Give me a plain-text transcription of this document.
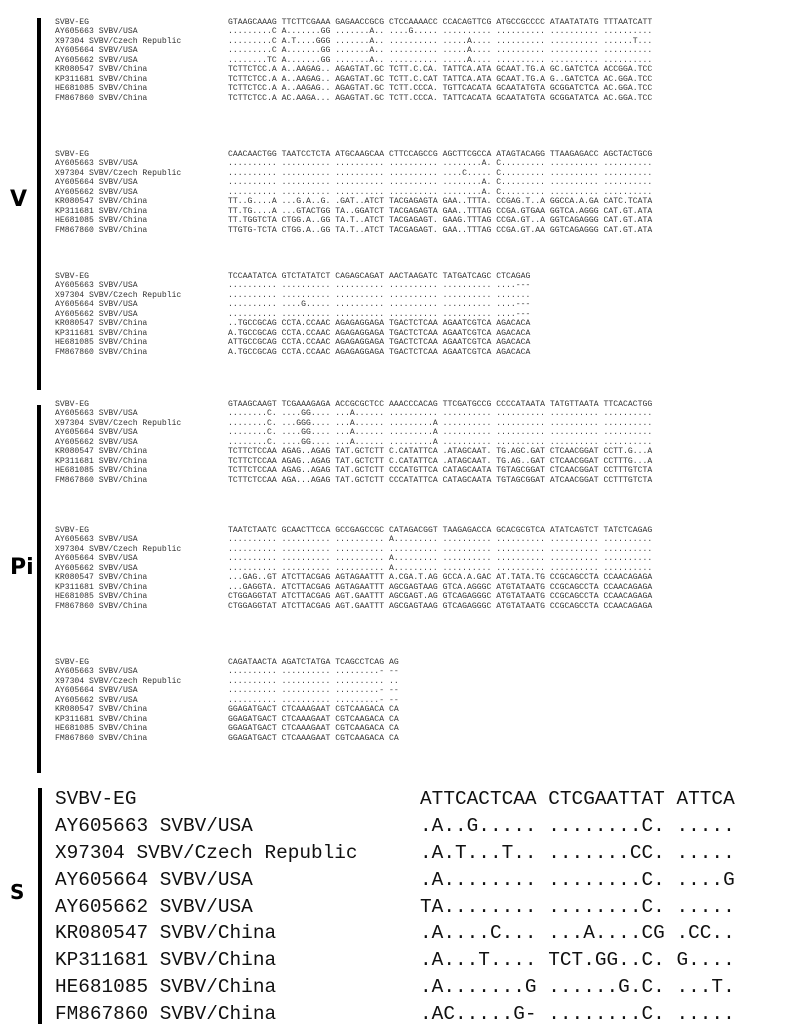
V
SVBV-EG	GTAAGCAAAG TTCTTCGAAA GAGAACCGCG CTCCAAAACC CCACAGTTCG ATGCCGCCCC ATAATATATG TTTAATCATT
AY605663 SVBV/USA	.........C A.......GG .......A.. ....G..... .......... .......... .......... ..........
X97304 SVBV/Czech Republic	.........C A.T....GGG .......A.. .......... .....A.... .......... .......... ......T...
AY605664 SVBV/USA	.........C A.......GG .......A.. .......... .....A.... .......... .......... ..........
AY605662 SVBV/USA	........TC A.......GG .......A.. .......... .....A.... .......... .......... ..........
KR080547 SVBV/China	TCTTCTCC.A A..AAGAG.. AGAGTAT.GC TCTT.C.CA. TATTCA.ATA GCAAT.TG.A GC.GATCTCA ACCGGA.TCC
KP311681 SVBV/China	TCTTCTCC.A A..AAGAG.. AGAGTAT.GC TCTT.C.CAT TATTCA.ATA GCAAT.TG.A G..GATCTCA AC.GGA.TCC
HE681085 SVBV/China	TCTTCTCC.A A..AAGAG.. AGAGTAT.GC TCTT.CCCA. TGTTCACATA GCAATATGTA GCGGATCTCA AC.GGA.TCC
FM867860 SVBV/China	TCTTCTCC.A AC.AAGA... AGAGTAT.GC TCTT.CCCA. TATTCACATA GCAATATGTA GCGGATATCA AC.GGA.TCC
SVBV-EG	CAACAACTGG TAATCCTCTA ATGCAAGCAA CTTCCAGCCG AGCTTCGCCA ATAGTACAGG TTAAGAGACC AGCTACTGCG
AY605663 SVBV/USA	.......... .......... .......... .......... ........A. C......... .......... ..........
X97304 SVBV/Czech Republic	.......... .......... .......... .......... ....C..... C......... .......... ..........
AY605664 SVBV/USA	.......... .......... .......... .......... ........A. C......... .......... ..........
AY605662 SVBV/USA	.......... .......... .......... .......... ........A. C......... .......... ..........
KR080547 SVBV/China	TT..G....A ...G.A..G. .GAT..ATCT TACGAGAGTA GAA..TTTA. CCGAG.T..A GGCCA.A.GA CATC.TCATA
KP311681 SVBV/China	TT.TG....A ...GTACTGG TA..GGATCT TACGAGAGTA GAA..TTTAG CCGA.GTGAA GGTCA.AGGG CAT.GT.ATA
HE681085 SVBV/China	TT.TGGTCTA CTGG.A..GG TA.T..ATCT TACGAGAGT. GAAG.TTTAG CCGA.GT..A GGTCAGAGGG CAT.GT.ATA
FM867860 SVBV/China	TTGTG-TCTA CTGG.A..GG TA.T..ATCT TACGAGAGT. GAA..TTTAG CCGA.GT.AA GGTCAGAGGG CAT.GT.ATA
SVBV-EG	TCCAATATCA GTCTATATCT CAGAGCAGAT AACTAAGATC TATGATCAGC CTCAGAG
AY605663 SVBV/USA	.......... .......... .......... .......... .......... ....---
X97304 SVBV/Czech Republic	.......... .......... .......... .......... .......... .......
AY605664 SVBV/USA	.......... ....G..... .......... .......... .......... ....---
AY605662 SVBV/USA	.......... .......... .......... .......... .......... ....---
KR080547 SVBV/China	..TGCCGCAG CCTA.CCAAC AGAGAGGAGA TGACTCTCAA AGAATCGTCA AGACACA
KP311681 SVBV/China	A.TGCCGCAG CCTA.CCAAC AGAGAGGAGA TGACTCTCAA AGAATCGTCA AGACACA
HE681085 SVBV/China	ATTGCCGCAG CCTA.CCAAC AGAGAGGAGA TGACTCTCAA AGAATCGTCA AGACACA
FM867860 SVBV/China	A.TGCCGCAG CCTA.CCAAC AGAGAGGAGA TGACTCTCAA AGAATCGTCA AGACACA
Pi
SVBV-EG	GTAAGCAAGT TCGAAAGAGA ACCGCGCTCC AAACCCACAG TTCGATGCCG CCCCATAATA TATGTTAATA TTCACACTGG
AY605663 SVBV/USA	........C. ....GG.... ...A...... .......... .......... .......... .......... ..........
X97304 SVBV/Czech Republic	........C. ...GGG.... ...A...... .........A .......... .......... .......... ..........
AY605664 SVBV/USA	........C. ....GG.... ...A...... .........A .......... .......... .......... ..........
AY605662 SVBV/USA	........C. ....GG.... ...A...... .........A .......... .......... .......... ..........
KR080547 SVBV/China	TCTTCTCCAA AGAG..AGAG TAT.GCTCTT C.CATATTCA .ATAGCAAT. TG.AGC.GAT CTCAACGGAT CCTT.G...A
KP311681 SVBV/China	TCTTCTCCAA AGAG..AGAG TAT.GCTCTT C.CATATTCA .ATAGCAAT. TG.AG..GAT CTCAACGGAT CCTTTG...A
HE681085 SVBV/China	TCTTCTCCAA AGAG..AGAG TAT.GCTCTT CCCATGTTCA CATAGCAATA TGTAGCGGAT CTCAACGGAT CCTTTGTCTA
FM867860 SVBV/China	TCTTCTCCAA AGA...AGAG TAT.GCTCTT CCCATATTCA CATAGCAATA TGTAGCGGAT ATCAACGGAT CCTTTGTCTA
SVBV-EG	TAATCTAATC GCAACTTCCA GCCGAGCCGC CATAGACGGT TAAGAGACCA GCACGCGTCA ATATCAGTCT TATCTCAGAG
AY605663 SVBV/USA	.......... .......... .......... A......... .......... .......... .......... ..........
X97304 SVBV/Czech Republic	.......... .......... .......... .......... .......... .......... .......... ..........
AY605664 SVBV/USA	.......... .......... .......... A......... .......... .......... .......... ..........
AY605662 SVBV/USA	.......... .......... .......... A......... .......... .......... .......... ..........
KR080547 SVBV/China	...GAG..GT ATCTTACGAG AGTAGAATTT A.CGA.T.AG GCCA.A.GAC AT.TATA.TG CCGCAGCCTA CCAACAGAGA
KP311681 SVBV/China	...GAGGTA. ATCTTACGAG AGTAGAATTT AGCGAGTAAG GTCA.AGGGC ATGTATAATG CCGCAGCCTA CCAACAGAGA
HE681085 SVBV/China	CTGGAGGTAT ATCTTACGAG AGT.GAATTT AGCGAGT.AG GTCAGAGGGC ATGTATAATG CCGCAGCCTA CCAACAGAGA
FM867860 SVBV/China	CTGGAGGTAT ATCTTACGAG AGT.GAATTT AGCGAGTAAG GTCAGAGGGC ATGTATAATG CCGCAGCCTA CCAACAGAGA
SVBV-EG	CAGATAACTA AGATCTATGA TCAGCCTCAG AG
AY605663 SVBV/USA	.......... .......... .........- --
X97304 SVBV/Czech Republic	.......... .......... .......... ..
AY605664 SVBV/USA	.......... .......... .........- --
AY605662 SVBV/USA	.......... .......... .........- --
KR080547 SVBV/China	GGAGATGACT CTCAAAGAAT CGTCAAGACA CA
KP311681 SVBV/China	GGAGATGACT CTCAAAGAAT CGTCAAGACA CA
HE681085 SVBV/China	GGAGATGACT CTCAAAGAAT CGTCAAGACA CA
FM867860 SVBV/China	GGAGATGACT CTCAAAGAAT CGTCAAGACA CA
S
SVBV-EG	ATTCACTCAA CTCGAATTAT ATTCA
AY605663 SVBV/USA	.A..G..... ........C. .....
X97304 SVBV/Czech Republic	.A.T...T.. .......CC. .....
AY605664 SVBV/USA	.A........ ........C. ....G
AY605662 SVBV/USA	TA........ ........C. .....
KR080547 SVBV/China	.A....C... ...A....CG .CC..
KP311681 SVBV/China	.A...T.... TCT.GG..C. G....
HE681085 SVBV/China	.A.......G ......G.C. ...T.
FM867860 SVBV/China	.AC.....G- ........C. .....
